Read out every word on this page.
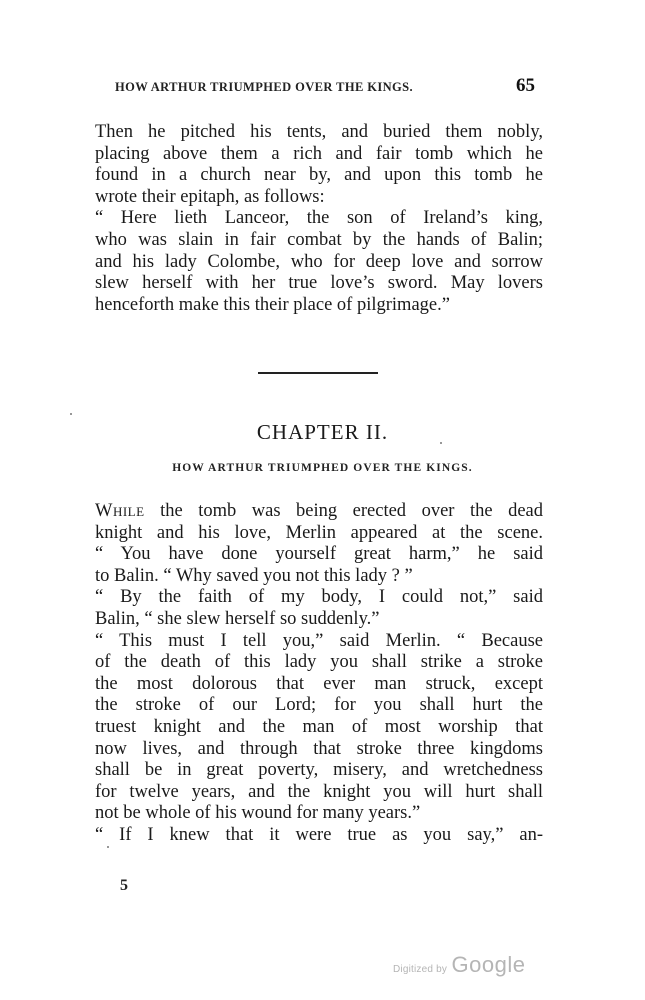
HOW ARTHUR TRIUMPHED OVER THE KINGS.	65
Then he pitched his tents, and buried them nobly,
placing above them a rich and fair tomb which he
found in a church near by, and upon this tomb he
wrote their epitaph, as follows:
“ Here lieth Lanceor, the son of Ireland’s king,
who was slain in fair combat by the hands of Balin;
and his lady Colombe, who for deep love and sorrow
slew herself with her true love’s sword. May lovers
henceforth make this their place of pilgrimage.”
CHAPTER II.
HOW ARTHUR TRIUMPHED OVER THE KINGS.
While the tomb was being erected over the dead
knight and his love, Merlin appeared at the scene.
“ You have done yourself great harm,” he said
to Balin. “ Why saved you not this lady ? ”
“ By the faith of my body, I could not,” said
Balin, “ she slew herself so suddenly.”
“ This must I tell you,” said Merlin. “ Because
of the death of this lady you shall strike a stroke
the most dolorous that ever man struck, except
the stroke of our Lord; for you shall hurt the
truest knight and the man of most worship that
now lives, and through that stroke three kingdoms
shall be in great poverty, misery, and wretchedness
for twelve years, and the knight you will hurt shall
not be whole of his wound for many years.”
“ If I knew that it were true as you say,” an-
5
Digitized by Google
